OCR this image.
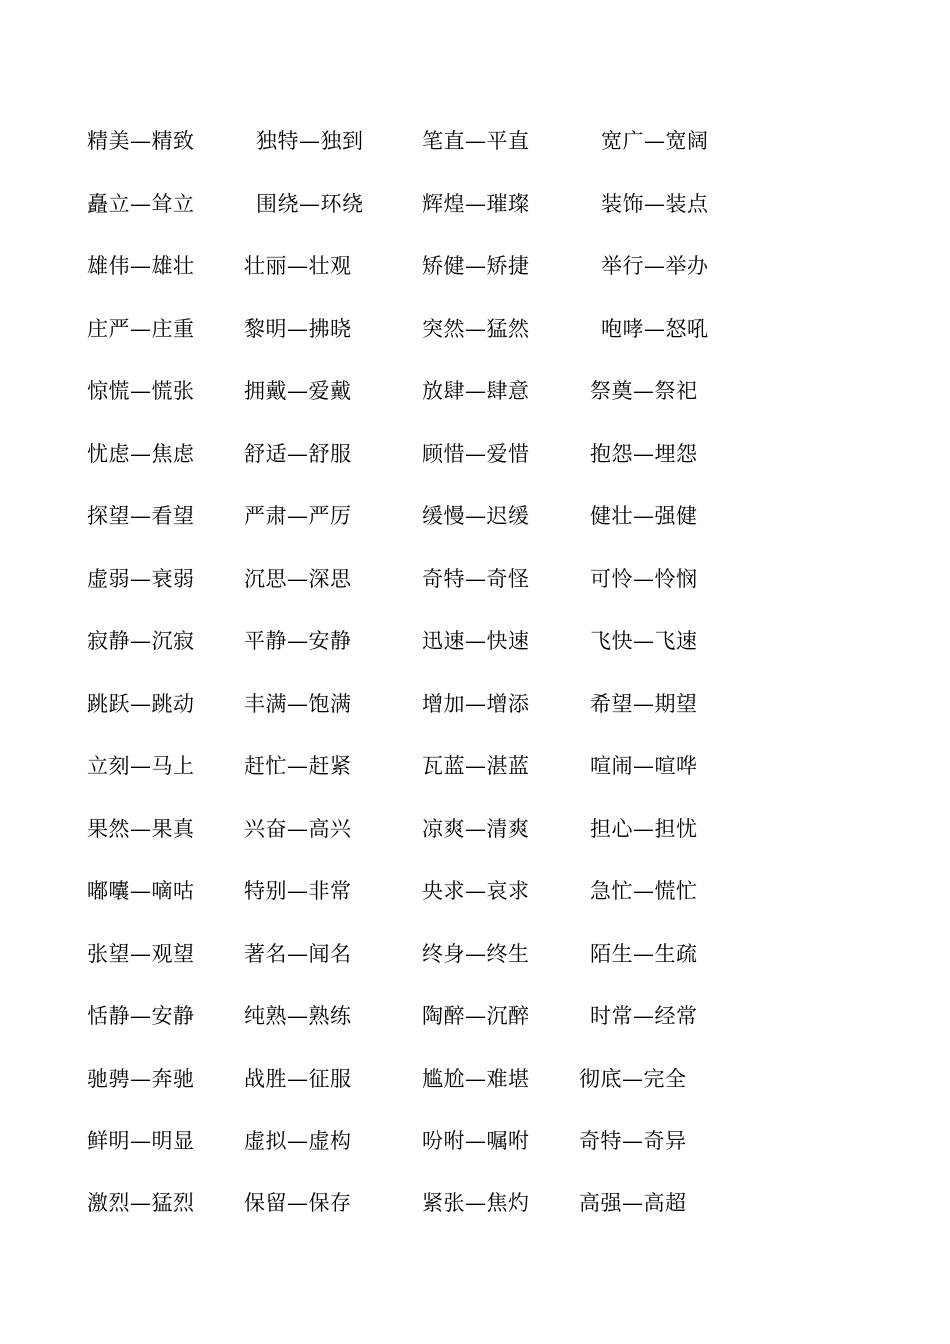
精美—精致	独特—独到	笔直—平直	宽广—宽阔
矗立—耸立	围绕—环绕	辉煌—璀璨	装饰—装点
雄伟—雄壮 壮丽—壮观	矫健—矫捷	举行—举办
庄严—庄重 黎明—拂晓	突然—猛然	咆哮—怒吼
惊慌—慌张 拥戴—爱戴	放肆—肆意	祭奠—祭祀
忧虑—焦虑 舒适—舒服	顾惜—爱惜	抱怨—埋怨
探望—看望 严肃—严厉	缓慢—迟缓	健壮—强健
虚弱—衰弱 沉思—深思	奇特—奇怪	可怜—怜悯
寂静—沉寂 平静—安静	迅速—快速	飞快—飞速
跳跃—跳动 丰满—饱满	增加—增添	希望—期望
立刻—马上 赶忙—赶紧	瓦蓝—湛蓝	喧闹—喧哗
果然—果真 兴奋—高兴	凉爽—清爽	担心—担忧
嘟囔—嘀咕 特别—非常	央求—哀求	急忙—慌忙
张望—观望 著名—闻名	终身—终生	陌生—生疏
恬静—安静 纯熟—熟练	陶醉—沉醉	时常—经常
驰骋—奔驰 战胜—征服	尴尬—难堪 彻底—完全
鲜明—明显 虚拟—虚构	吩咐—嘱咐 奇特—奇异
激烈—猛烈 保留—保存	紧张—焦灼 高强—高超
